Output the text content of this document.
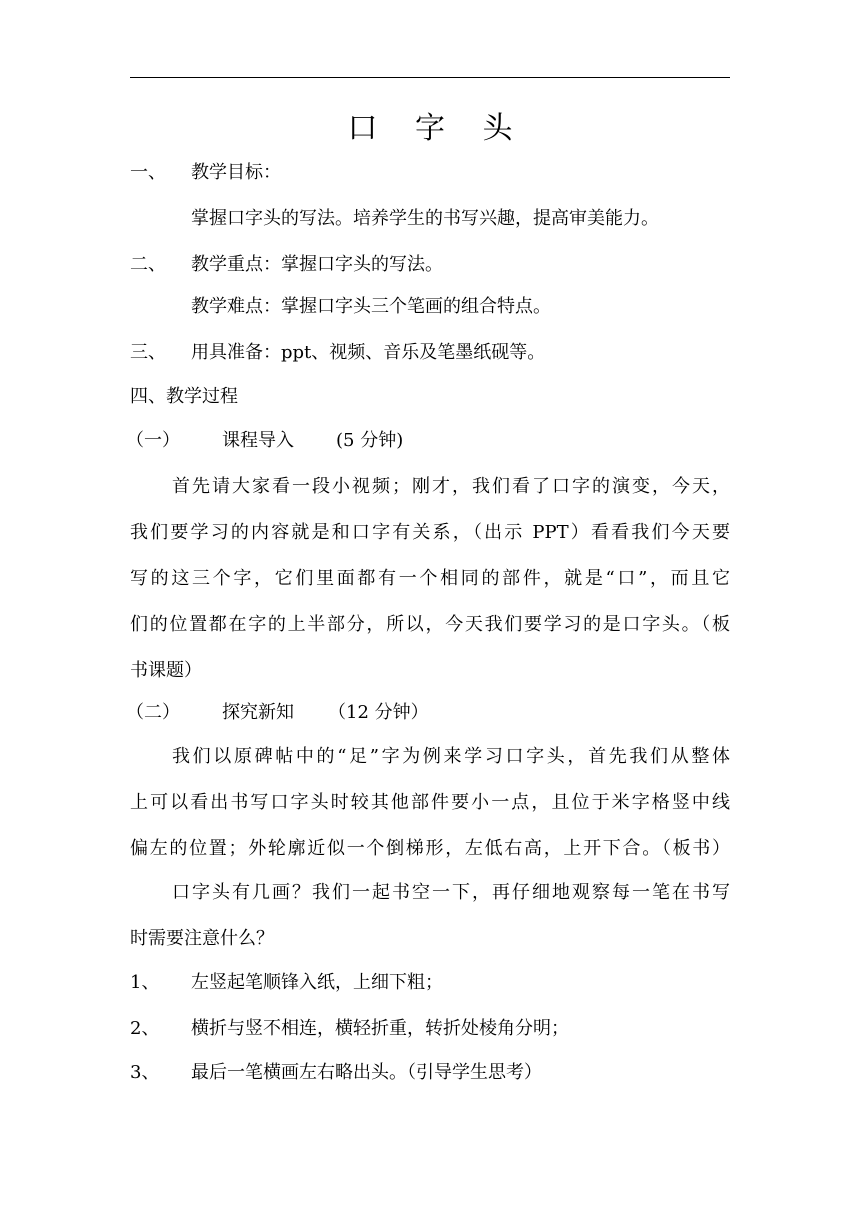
口 字 头
一、 教学目标：
掌握口字头的写法。培养学生的书写兴趣，提高审美能力。
二、 教学重点：掌握口字头的写法。
教学难点：掌握口字头三个笔画的组合特点。
三、 用具准备：ppt、视频、音乐及笔墨纸砚等。
四、教学过程
（一） 课程导入 (5 分钟)
首先请大家看一段小视频；刚才，我们看了口字的演变，今天，
我们要学习的内容就是和口字有关系，（出示 PPT）看看我们今天要
写的这三个字，它们里面都有一个相同的部件，就是“口”，而且它
们的位置都在字的上半部分，所以，今天我们要学习的是口字头。（板
书课题）
（二） 探究新知 （12 分钟）
我们以原碑帖中的“足”字为例来学习口字头，首先我们从整体
上可以看出书写口字头时较其他部件要小一点，且位于米字格竖中线
偏左的位置；外轮廓近似一个倒梯形，左低右高，上开下合。（板书）
口字头有几画？我们一起书空一下，再仔细地观察每一笔在书写
时需要注意什么？
1、 左竖起笔顺锋入纸，上细下粗；
2、 横折与竖不相连，横轻折重，转折处棱角分明；
3、 最后一笔横画左右略出头。（引导学生思考）
